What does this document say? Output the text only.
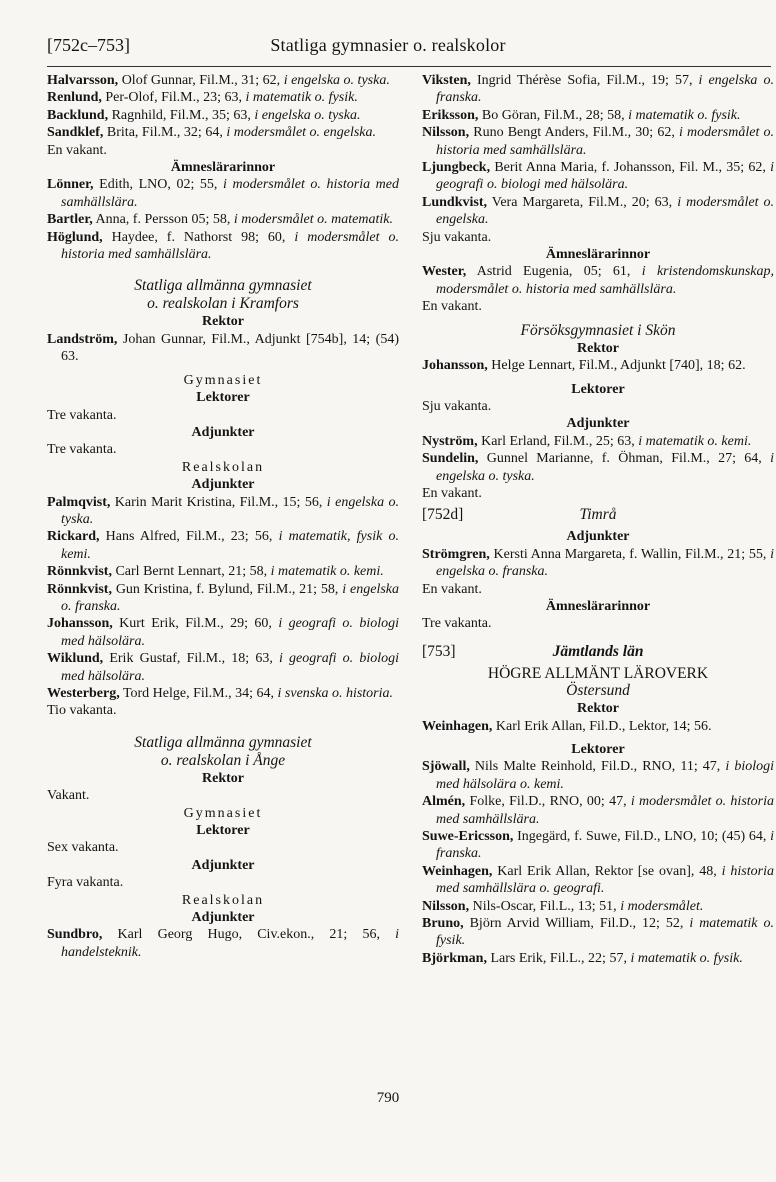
[752c–753]	Statliga gymnasier o. realskolor
Halvarsson, Olof Gunnar, Fil.M., 31; 62, i engelska o. tyska.
Renlund, Per-Olof, Fil.M., 23; 63, i matematik o. fysik.
Backlund, Ragnhild, Fil.M., 35; 63, i engelska o. tyska.
Sandklef, Brita, Fil.M., 32; 64, i modersmålet o. engelska.
En vakant.
Ämneslärarinnor
Lönner, Edith, LNO, 02; 55, i modersmålet o. historia med samhällslära.
Bartler, Anna, f. Persson 05; 58, i modersmålet o. matematik.
Höglund, Haydee, f. Nathorst 98; 60, i modersmålet o. historia med samhällslära.
Statliga allmänna gymnasiet
o. realskolan i Kramfors
Rektor
Landström, Johan Gunnar, Fil.M., Adjunkt [754b], 14; (54) 63.
Gymnasiet
Lektorer
Tre vakanta.
Adjunkter
Tre vakanta.
Realskolan
Adjunkter
Palmqvist, Karin Marit Kristina, Fil.M., 15; 56, i engelska o. tyska.
Rickard, Hans Alfred, Fil.M., 23; 56, i matematik, fysik o. kemi.
Rönnkvist, Carl Bernt Lennart, 21; 58, i matematik o. kemi.
Rönnkvist, Gun Kristina, f. Bylund, Fil.M., 21; 58, i engelska o. franska.
Johansson, Kurt Erik, Fil.M., 29; 60, i geografi o. biologi med hälsolära.
Wiklund, Erik Gustaf, Fil.M., 18; 63, i geografi o. biologi med hälsolära.
Westerberg, Tord Helge, Fil.M., 34; 64, i svenska o. historia.
Tio vakanta.
Statliga allmänna gymnasiet
o. realskolan i Ånge
Rektor
Vakant.
Gymnasiet
Lektorer
Sex vakanta.
Adjunkter
Fyra vakanta.
Realskolan
Adjunkter
Sundbro, Karl Georg Hugo, Civ.ekon., 21; 56, i handelsteknik.
Viksten, Ingrid Thérèse Sofia, Fil.M., 19; 57, i engelska o. franska.
Eriksson, Bo Göran, Fil.M., 28; 58, i matematik o. fysik.
Nilsson, Runo Bengt Anders, Fil.M., 30; 62, i modersmålet o. historia med samhällslära.
Ljungbeck, Berit Anna Maria, f. Johansson, Fil. M., 35; 62, i geografi o. biologi med hälsolära.
Lundkvist, Vera Margareta, Fil.M., 20; 63, i modersmålet o. engelska.
Sju vakanta.
Ämneslärarinnor
Wester, Astrid Eugenia, 05; 61, i kristendomskunskap, modersmålet o. historia med samhällslära.
En vakant.
Försöksgymnasiet i Skön
Rektor
Johansson, Helge Lennart, Fil.M., Adjunkt [740], 18; 62.
Lektorer
Sju vakanta.
Adjunkter
Nyström, Karl Erland, Fil.M., 25; 63, i matematik o. kemi.
Sundelin, Gunnel Marianne, f. Öhman, Fil.M., 27; 64, i engelska o. tyska.
En vakant.
[752d]	Timrå
Adjunkter
Strömgren, Kersti Anna Margareta, f. Wallin, Fil.M., 21; 55, i engelska o. franska.
En vakant.
Ämneslärarinnor
Tre vakanta.
[753]	Jämtlands län
HÖGRE ALLMÄNT LÄROVERK
Östersund
Rektor
Weinhagen, Karl Erik Allan, Fil.D., Lektor, 14; 56.
Lektorer
Sjöwall, Nils Malte Reinhold, Fil.D., RNO, 11; 47, i biologi med hälsolära o. kemi.
Almén, Folke, Fil.D., RNO, 00; 47, i modersmålet o. historia med samhällslära.
Suwe-Ericsson, Ingegärd, f. Suwe, Fil.D., LNO, 10; (45) 64, i franska.
Weinhagen, Karl Erik Allan, Rektor [se ovan], 48, i historia med samhällslära o. geografi.
Nilsson, Nils-Oscar, Fil.L., 13; 51, i modersmålet.
Bruno, Björn Arvid William, Fil.D., 12; 52, i matematik o. fysik.
Björkman, Lars Erik, Fil.L., 22; 57, i matematik o. fysik.
790
